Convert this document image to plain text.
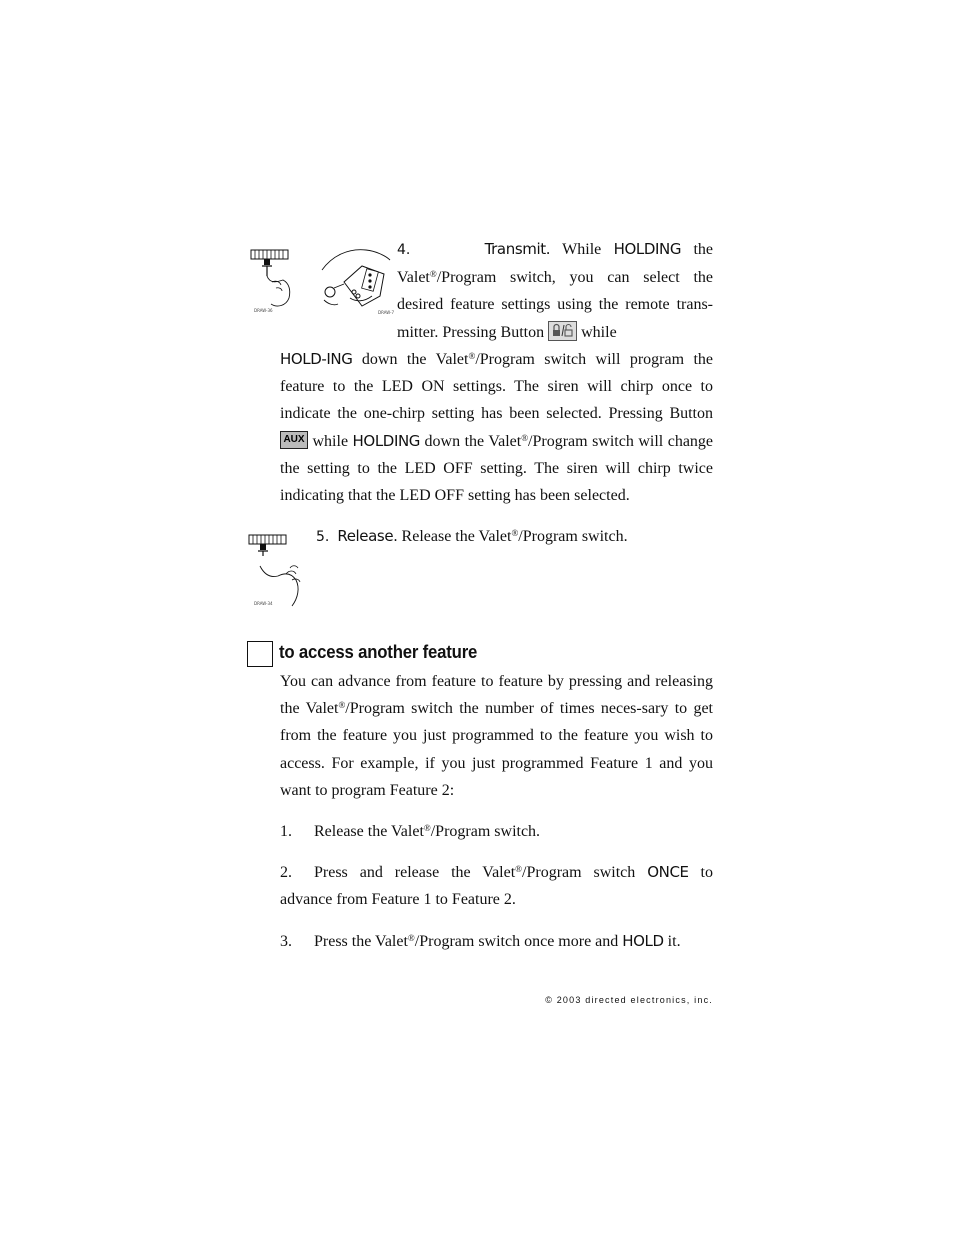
DRAW-36	DRAW-7

4.	Transmit. While HOLDING the Valet®/Program switch, you can select the desired feature settings using the remote trans-mitter. Pressing Button while

HOLD-ING down the Valet®/Program switch will program the feature to the LED ON settings. The siren will chirp once to indicate the one-chirp setting has been selected. Pressing Button AUX while HOLDING down the Valet®/Program switch will change the setting to the LED OFF setting. The siren will chirp twice indicating that the LED OFF setting has been selected.

DRAW-34

5. Release. Release the Valet®/Program switch.

to access another feature

You can advance from feature to feature by pressing and releasing the Valet®/Program switch the number of times neces-sary to get from the feature you just programmed to the feature you wish to access. For example, if you just programmed Feature 1 and you want to program Feature 2:

1. Release the Valet®/Program switch.

2. Press and release the Valet®/Program switch ONCE to advance from Feature 1 to Feature 2.

3. Press the Valet®/Program switch once more and HOLD it.

© 2003 directed electronics, inc.
